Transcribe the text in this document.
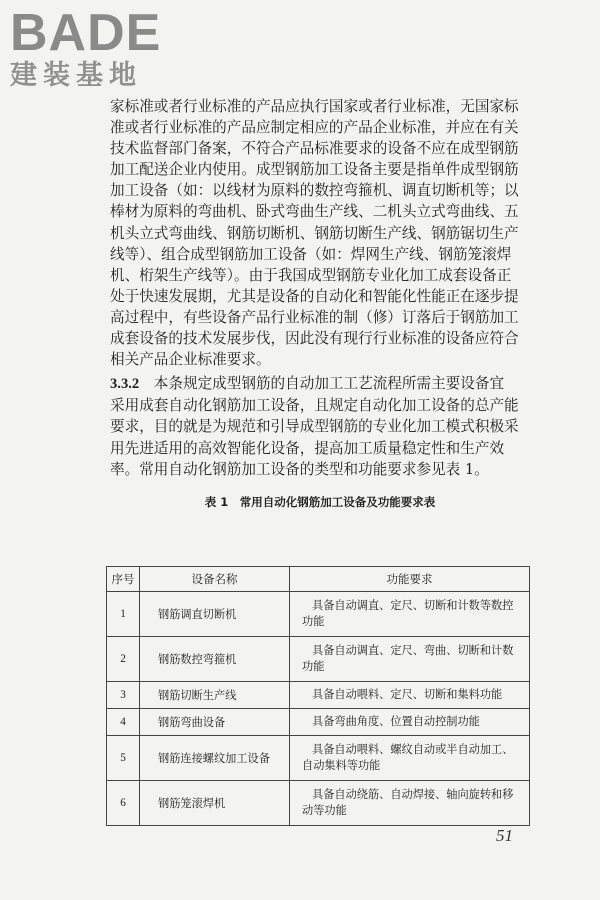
BADE
建装基地
家标准或者行业标准的产品应执行国家或者行业标准，无国家标
准或者行业标准的产品应制定相应的产品企业标准，并应在有关
技术监督部门备案，不符合产品标准要求的设备不应在成型钢筋
加工配送企业内使用。成型钢筋加工设备主要是指单件成型钢筋
加工设备（如：以线材为原料的数控弯箍机、调直切断机等；以
棒材为原料的弯曲机、卧式弯曲生产线、二机头立式弯曲线、五
机头立式弯曲线、钢筋切断机、钢筋切断生产线、钢筋锯切生产
线等）、组合成型钢筋加工设备（如：焊网生产线、钢筋笼滚焊
机、桁架生产线等）。由于我国成型钢筋专业化加工成套设备正
处于快速发展期，尤其是设备的自动化和智能化性能正在逐步提
高过程中，有些设备产品行业标准的制（修）订落后于钢筋加工
成套设备的技术发展步伐，因此没有现行行业标准的设备应符合
相关产品企业标准要求。
3.3.2　本条规定成型钢筋的自动加工工艺流程所需主要设备宜
采用成套自动化钢筋加工设备，且规定自动化加工设备的总产能
要求，目的就是为规范和引导成型钢筋的专业化加工模式积极采
用先进适用的高效智能化设备，提高加工质量稳定性和生产效
率。常用自动化钢筋加工设备的类型和功能要求参见表 1。
表 1　常用自动化钢筋加工设备及功能要求表
序号	设备名称	功能要求
1	钢筋调直切断机	具备自动调直、定尺、切断和计数等数控
功能

2	钢筋数控弯箍机	具备自动调直、定尺、弯曲、切断和计数
功能

3	钢筋切断生产线	具备自动喂料、定尺、切断和集料功能

4	钢筋弯曲设备	具备弯曲角度、位置自动控制功能

5	钢筋连接螺纹加工设备	具备自动喂料、螺纹自动或半自动加工、
自动集料等功能

6	钢筋笼滚焊机	具备自动绕筋、自动焊接、轴向旋转和移
动等功能
51
